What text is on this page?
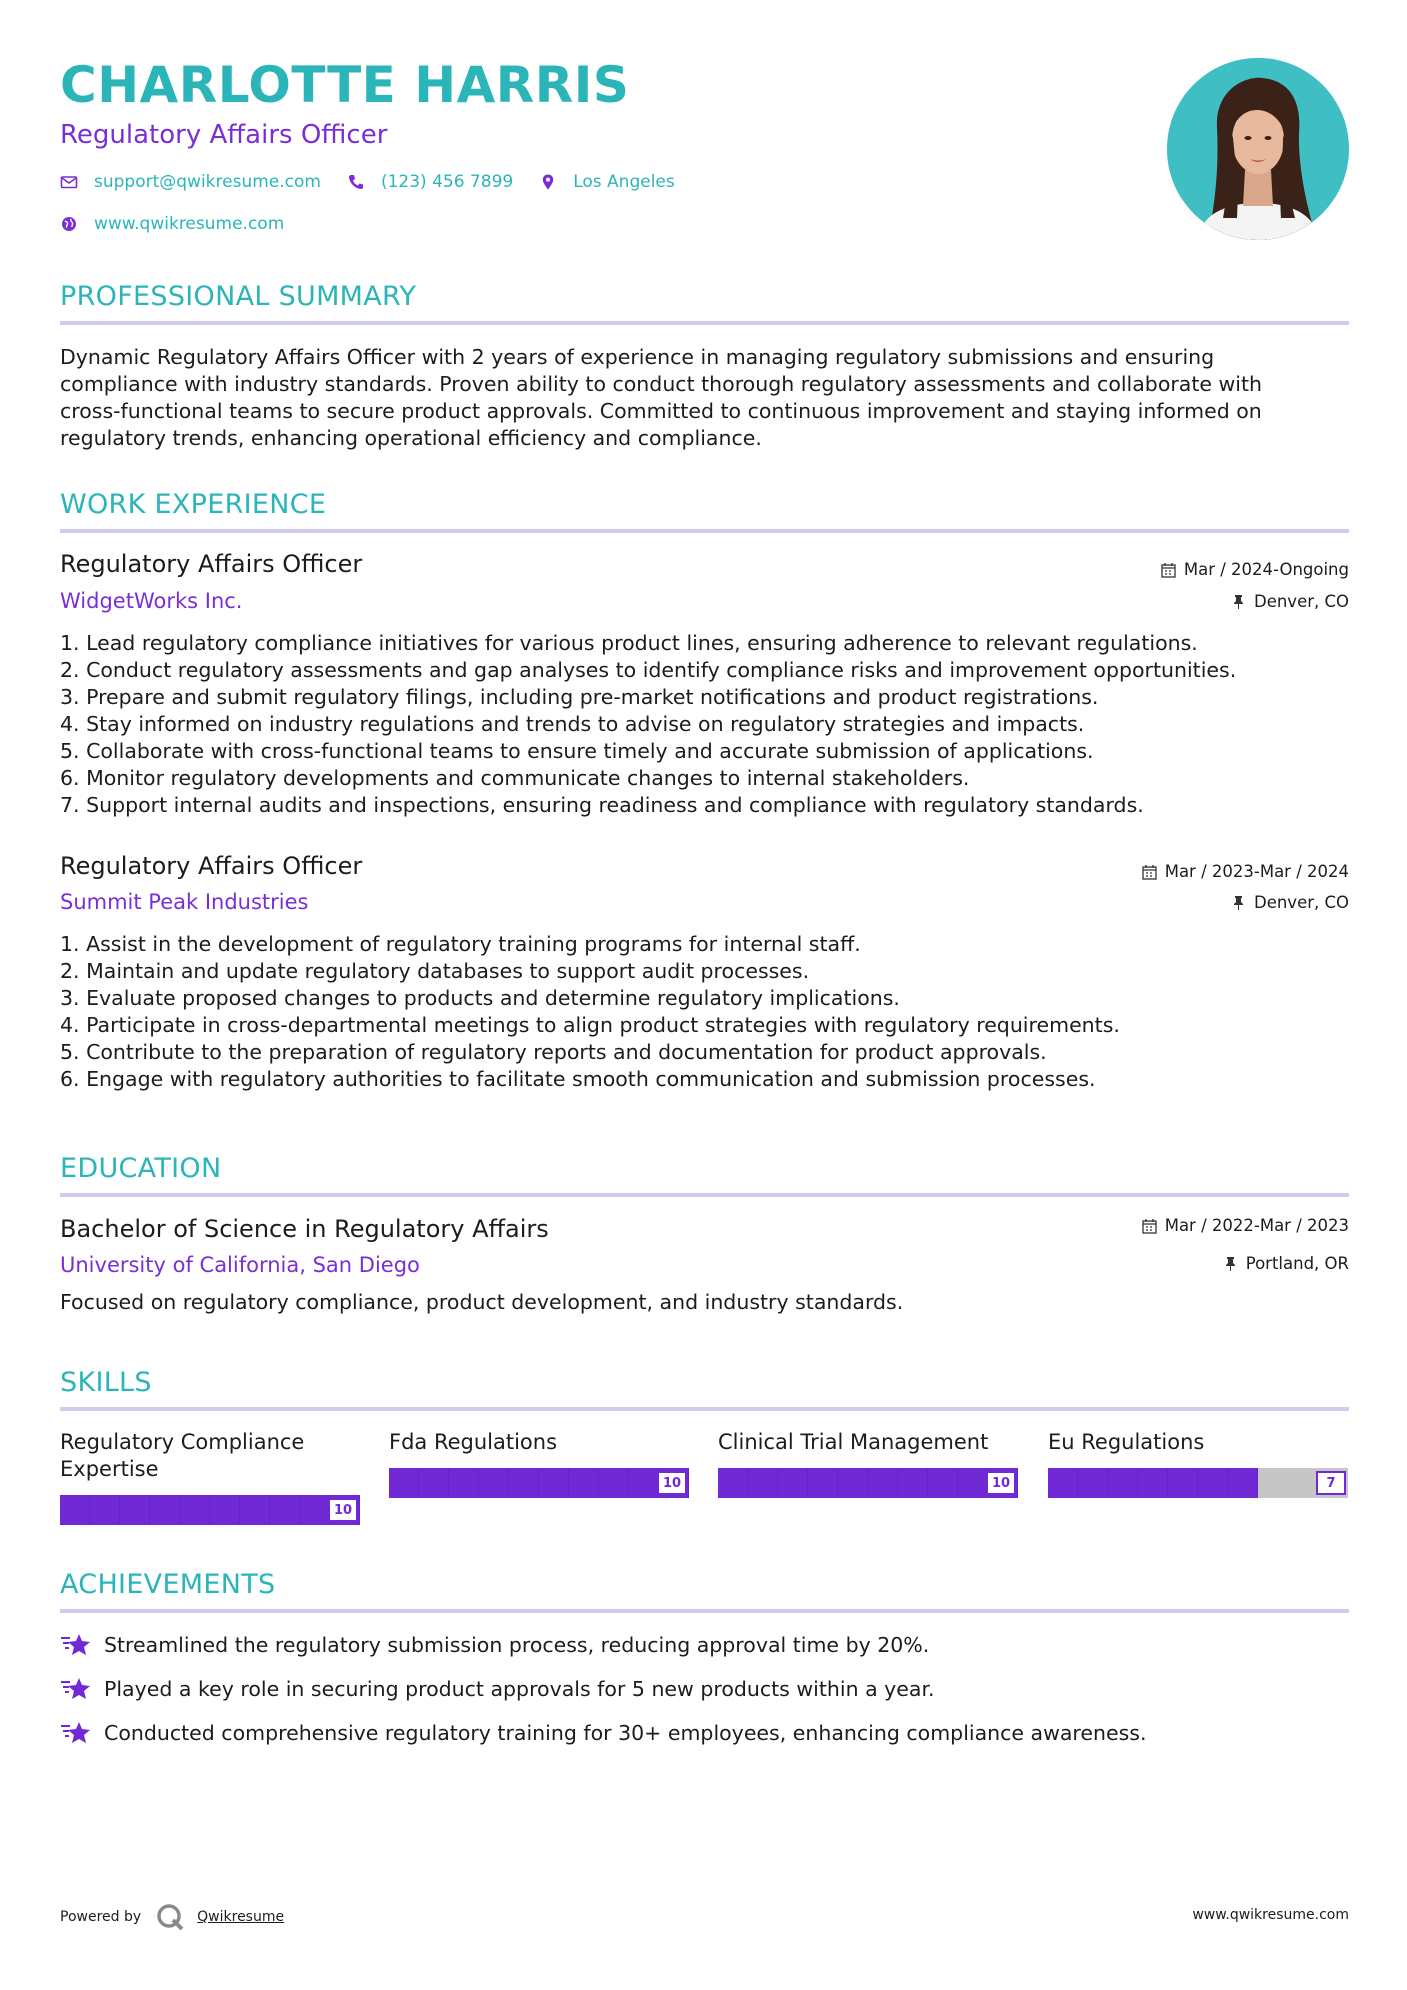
CHARLOTTE HARRIS
Regulatory Affairs Officer
support@qwikresume.com	(123) 456 7899	Los Angeles
www.qwikresume.com
PROFESSIONAL SUMMARY
Dynamic Regulatory Affairs Officer with 2 years of experience in managing regulatory submissions and ensuring
compliance with industry standards. Proven ability to conduct thorough regulatory assessments and collaborate with
cross-functional teams to secure product approvals. Committed to continuous improvement and staying informed on
regulatory trends, enhancing operational efficiency and compliance.
WORK EXPERIENCE
Regulatory Affairs Officer	Mar / 2024-Ongoing
WidgetWorks Inc.	Denver, CO
1. Lead regulatory compliance initiatives for various product lines, ensuring adherence to relevant regulations.
2. Conduct regulatory assessments and gap analyses to identify compliance risks and improvement opportunities.
3. Prepare and submit regulatory filings, including pre-market notifications and product registrations.
4. Stay informed on industry regulations and trends to advise on regulatory strategies and impacts.
5. Collaborate with cross-functional teams to ensure timely and accurate submission of applications.
6. Monitor regulatory developments and communicate changes to internal stakeholders.
7. Support internal audits and inspections, ensuring readiness and compliance with regulatory standards.
Regulatory Affairs Officer	Mar / 2023-Mar / 2024
Summit Peak Industries	Denver, CO
1. Assist in the development of regulatory training programs for internal staff.
2. Maintain and update regulatory databases to support audit processes.
3. Evaluate proposed changes to products and determine regulatory implications.
4. Participate in cross-departmental meetings to align product strategies with regulatory requirements.
5. Contribute to the preparation of regulatory reports and documentation for product approvals.
6. Engage with regulatory authorities to facilitate smooth communication and submission processes.
EDUCATION
Bachelor of Science in Regulatory Affairs	Mar / 2022-Mar / 2023
University of California, San Diego	Portland, OR
Focused on regulatory compliance, product development, and industry standards.
SKILLS
Regulatory Compliance
Expertise
10
Fda Regulations
10
Clinical Trial Management
10
Eu Regulations
7
ACHIEVEMENTS
Streamlined the regulatory submission process, reducing approval time by 20%.
Played a key role in securing product approvals for 5 new products within a year.
Conducted comprehensive regulatory training for 30+ employees, enhancing compliance awareness.
Powered by	Qwikresume	www.qwikresume.com
